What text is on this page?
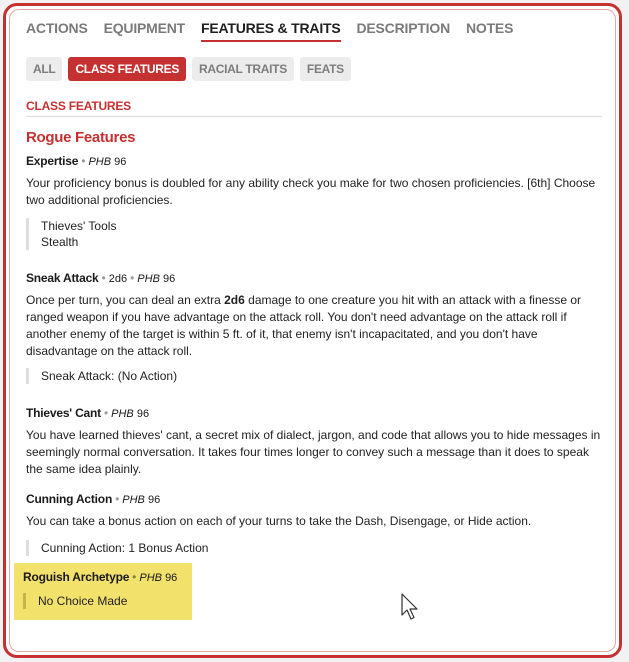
ACTIONS EQUIPMENT FEATURES & TRAITS DESCRIPTION NOTES
ALL	CLASS FEATURES	RACIAL TRAITS	FEATS
CLASS FEATURES
Rogue Features
Expertise • PHB 96
Your proficiency bonus is doubled for any ability check you make for two chosen proficiencies. [6th] Choose two additional proficiencies.
Thieves' Tools
Stealth
Sneak Attack • 2d6 • PHB 96
Once per turn, you can deal an extra 2d6 damage to one creature you hit with an attack with a finesse or ranged weapon if you have advantage on the attack roll. You don't need advantage on the attack roll if another enemy of the target is within 5 ft. of it, that enemy isn't incapacitated, and you don't have disadvantage on the attack roll.
Sneak Attack: (No Action)
Thieves' Cant • PHB 96
You have learned thieves' cant, a secret mix of dialect, jargon, and code that allows you to hide messages in seemingly normal conversation. It takes four times longer to convey such a message than it does to speak the same idea plainly.
Cunning Action • PHB 96
You can take a bonus action on each of your turns to take the Dash, Disengage, or Hide action.
Cunning Action: 1 Bonus Action
Roguish Archetype • PHB 96
No Choice Made
